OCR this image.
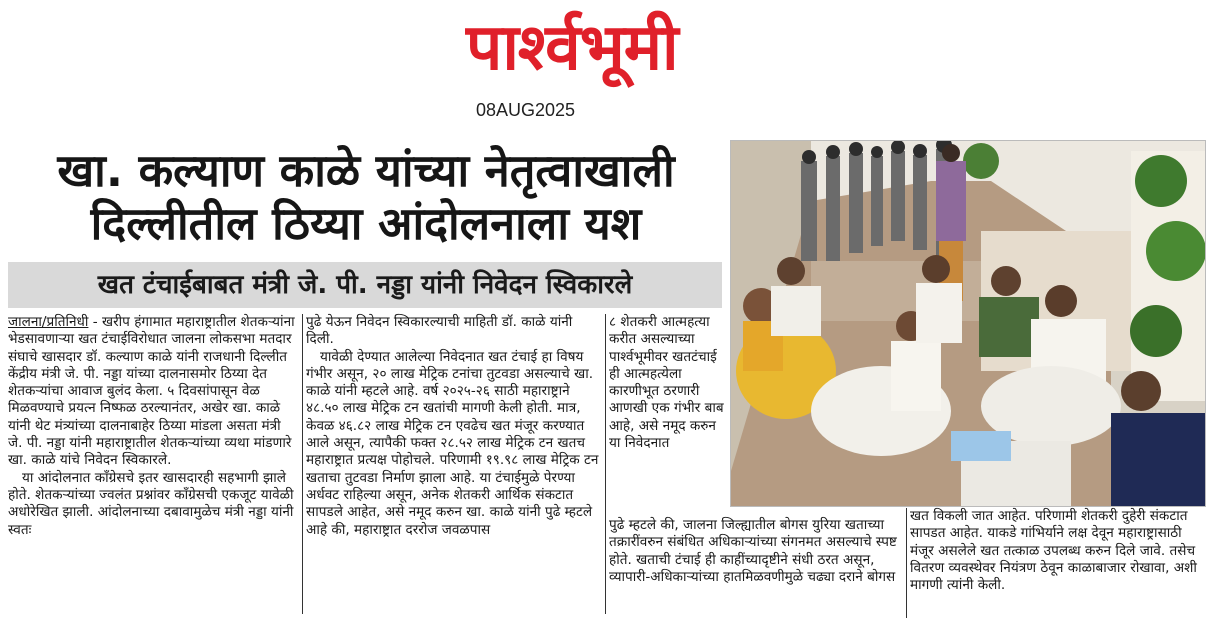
पार्श्वभूमी
08AUG2025
खा. कल्याण काळे यांच्या नेतृत्वाखाली
दिल्लीतील ठिय्या आंदोलनाला यश
खत टंचाईबाबत मंत्री जे. पी. नड्डा यांनी निवेदन स्विकारले

जालना/प्रतिनिधी - खरीप हंगामात महाराष्ट्रातील शेतकऱ्यांना भेडसावणाऱ्या खत टंचाईविरोधात जालना लोकसभा मतदार संघाचे खासदार डॉ. कल्याण काळे यांनी राजधानी दिल्लीत केंद्रीय मंत्री जे. पी. नड्डा यांच्या दालनासमोर ठिय्या देत शेतकऱ्यांचा आवाज बुलंद केला. ५ दिवसांपासून वेळ मिळवण्याचे प्रयत्न निष्फळ ठरल्यानंतर, अखेर खा. काळे यांनी थेट मंत्र्यांच्या दालनाबाहेर ठिय्या मांडला असता मंत्री जे. पी. नड्डा यांनी महाराष्ट्रातील शेतकऱ्यांच्या व्यथा मांडणारे खा. काळे यांचे निवेदन स्विकारले.

या आंदोलनात काँग्रेसचे इतर खासदारही सहभागी झाले होते. शेतकऱ्यांच्या ज्वलंत प्रश्नांवर काँग्रेसची एकजूट यावेळी अधोरेखित झाली. आंदोलनाच्या दबावामुळेच मंत्री नड्डा यांनी स्वतः

पुढे येऊन निवेदन स्विकारल्याची माहिती डॉ. काळे यांनी दिली.

यावेळी देण्यात आलेल्या निवेदनात खत टंचाई हा विषय गंभीर असून, २० लाख मेट्रिक टनांचा तुटवडा असल्याचे खा. काळे यांनी म्हटले आहे. वर्ष २०२५-२६ साठी महाराष्ट्राने ४८.५० लाख मेट्रिक टन खतांची मागणी केली होती. मात्र, केवळ ४६.८२ लाख मेट्रिक टन एवढेच खत मंजूर करण्यात आले असून, त्यापैकी फक्त २८.५२ लाख मेट्रिक टन खतच महाराष्ट्रात प्रत्यक्ष पोहोचले. परिणामी १९.९८ लाख मेट्रिक टन खताचा तुटवडा निर्माण झाला आहे. या टंचाईमुळे पेरण्या अर्धवट राहिल्या असून, अनेक शेतकरी आर्थिक संकटात सापडले आहेत, असे नमूद करुन खा. काळे यांनी पुढे म्हटले आहे की, महाराष्ट्रात दररोज जवळपास

८ शेतकरी आत्महत्या करीत असल्याच्या पार्श्वभूमीवर खतटंचाई ही आत्महत्येला कारणीभूत ठरणारी आणखी एक गंभीर बाब आहे, असे नमूद करुन या निवेदनात

पुढे म्हटले की, जालना जिल्ह्यातील बोगस युरिया खताच्या तक्रारींवरुन संबंधित अधिकाऱ्यांच्या संगनमत असल्याचे स्पष्ट होते. खताची टंचाई ही काहींच्यादृष्टीने संधी ठरत असून, व्यापारी-अधिकाऱ्यांच्या हातमिळवणीमुळे चढ्या दराने बोगस

खत विकली जात आहेत. परिणामी शेतकरी दुहेरी संकटात सापडत आहेत. याकडे गांभिर्याने लक्ष देवून महाराष्ट्रासाठी मंजूर असलेले खत तत्काळ उपलब्ध करुन दिले जावे. तसेच वितरण व्यवस्थेवर नियंत्रण ठेवून काळाबाजार रोखावा, अशी मागणी त्यांनी केली.
